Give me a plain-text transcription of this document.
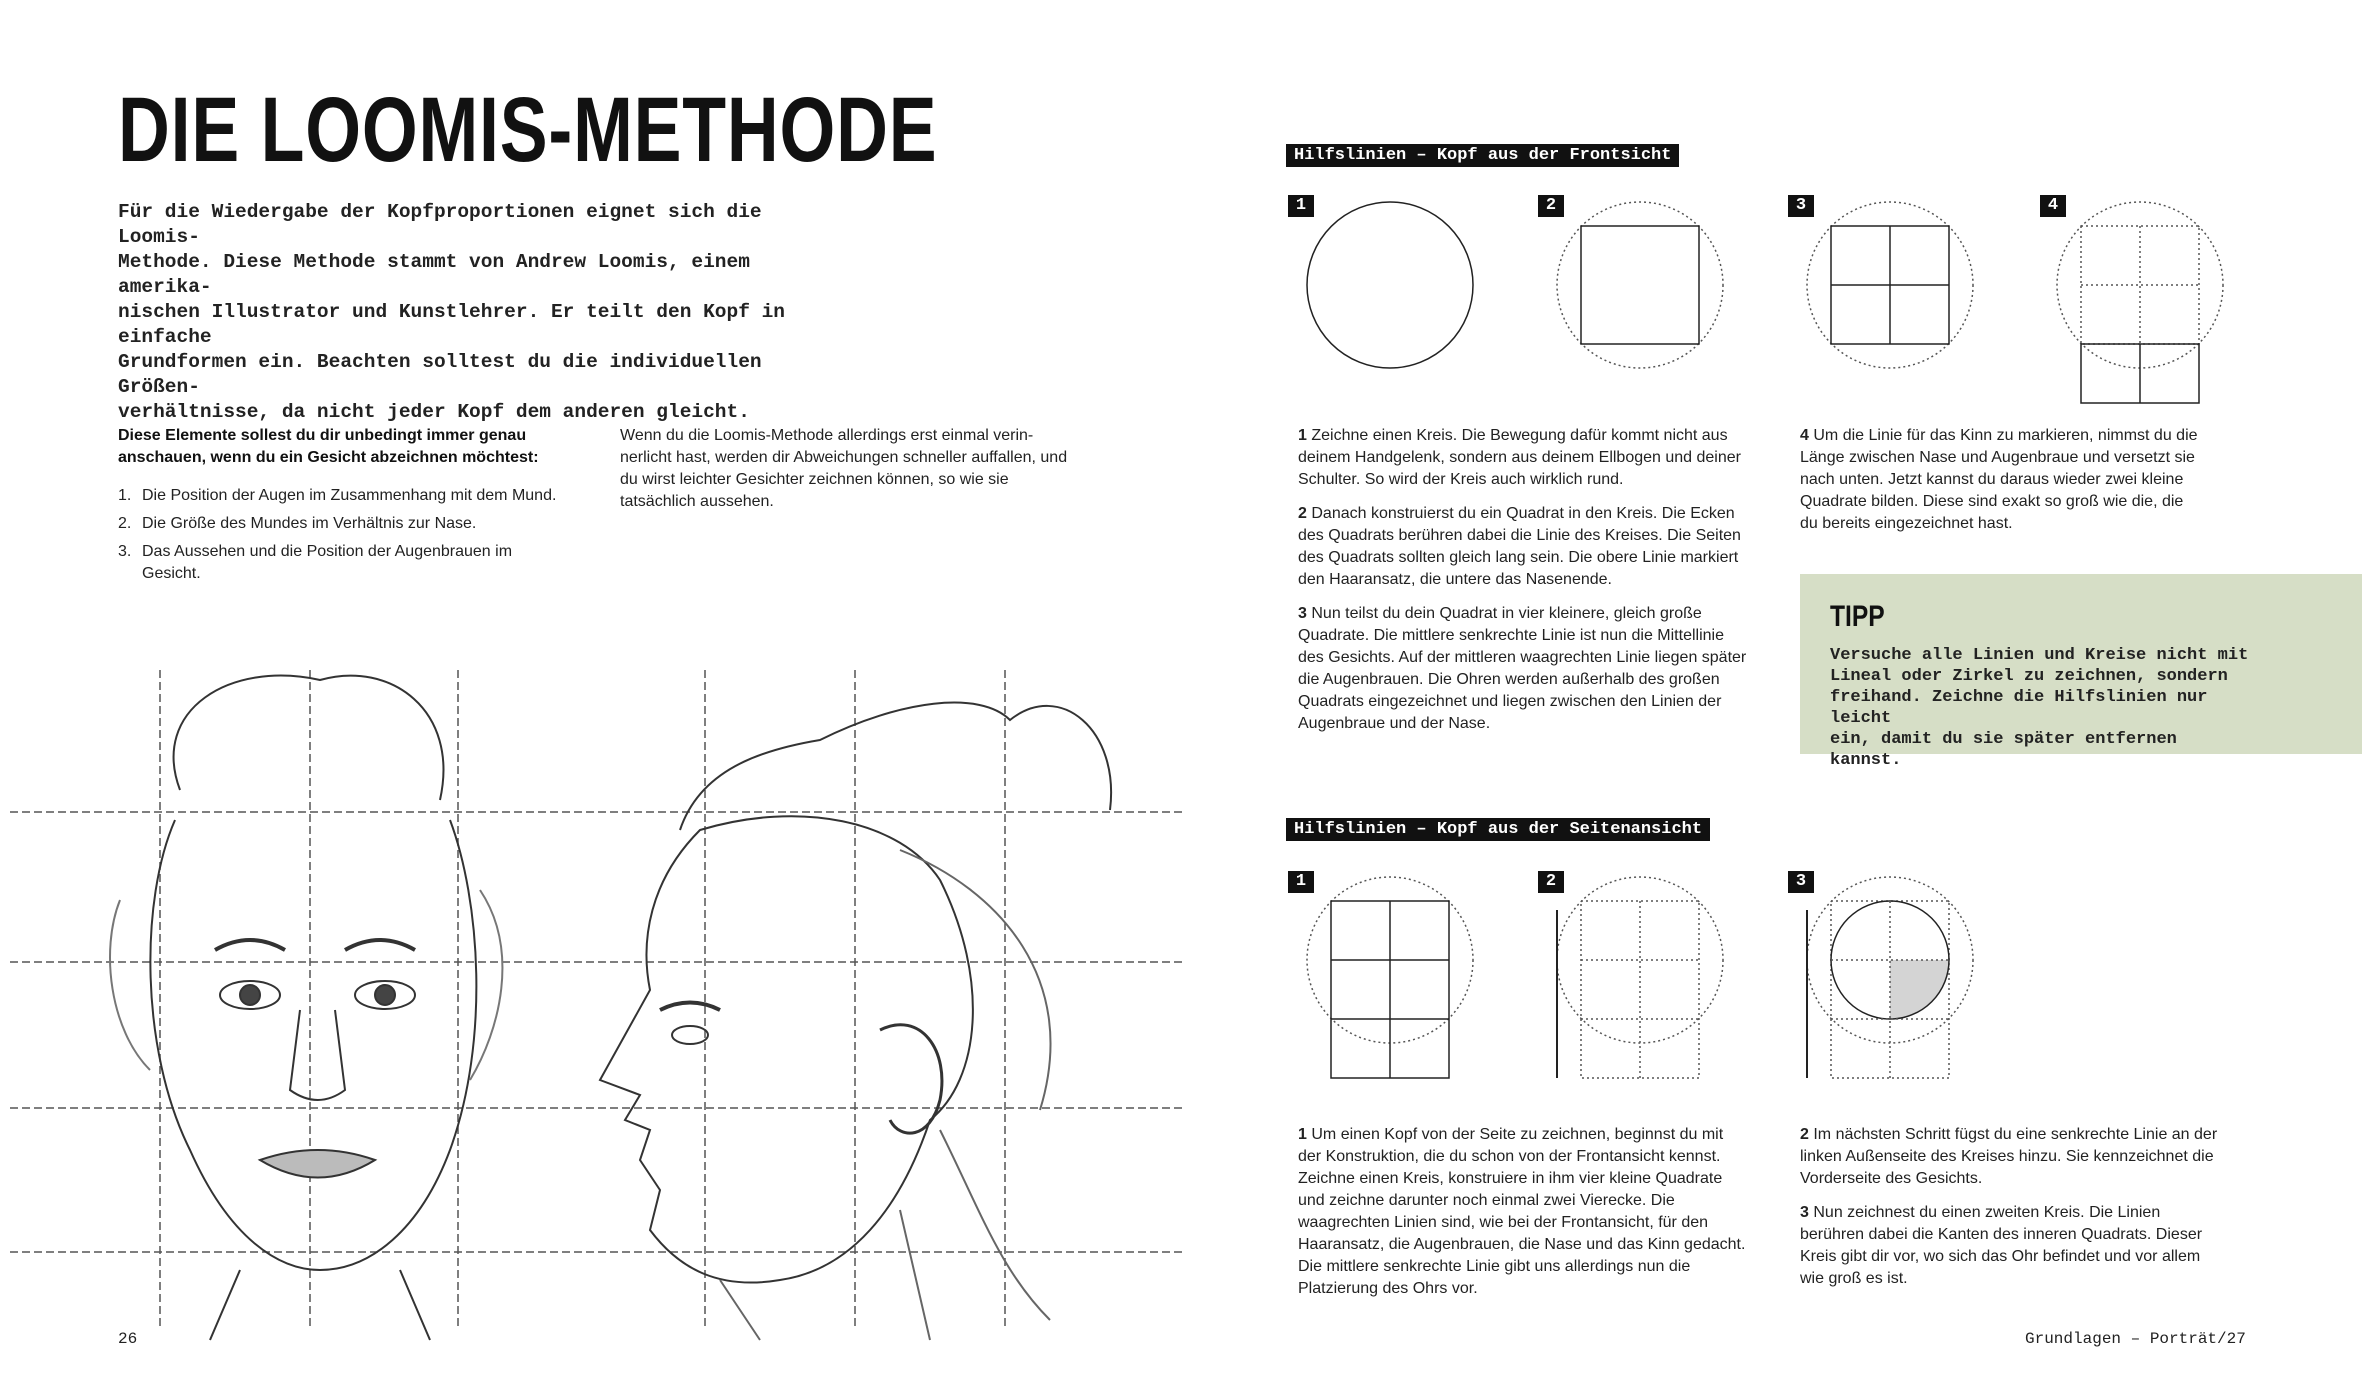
DIE LOOMIS-METHODE
Für die Wiedergabe der Kopfproportionen eignet sich die Loomis-
Methode. Diese Methode stammt von Andrew Loomis, einem amerika-
nischen Illustrator und Kunstlehrer. Er teilt den Kopf in einfache
Grundformen ein. Beachten solltest du die individuellen Größen-
verhältnisse, da nicht jeder Kopf dem anderen gleicht.
Diese Elemente sollest du dir unbedingt immer genau anschauen, wenn du ein Gesicht abzeichnen möchtest:
1. Die Position der Augen im Zusammenhang mit dem Mund.
2. Die Größe des Mundes im Verhältnis zur Nase.
3. Das Aussehen und die Position der Augenbrauen im Gesicht.
Wenn du die Loomis-Methode allerdings erst einmal verinnerlicht hast, werden dir Abweichungen schneller auffallen, und du wirst leichter Gesichter zeichnen können, so wie sie tatsächlich aussehen.
26
Hilfslinien – Kopf aus der Frontsicht
1	2	3	4

1 Zeichne einen Kreis. Die Bewegung dafür kommt nicht aus deinem Handgelenk, sondern aus deinem Ellbogen und deiner Schulter. So wird der Kreis auch wirklich rund.

2 Danach konstruierst du ein Quadrat in den Kreis. Die Ecken des Quadrats berühren dabei die Linie des Kreises. Die Seiten des Quadrats sollten gleich lang sein. Die obere Linie markiert den Haaransatz, die untere das Nasenende.

3 Nun teilst du dein Quadrat in vier kleinere, gleich große Quadrate. Die mittlere senkrechte Linie ist nun die Mittellinie des Gesichts. Auf der mittleren waagrechten Linie liegen später die Augenbrauen. Die Ohren werden außerhalb des großen Quadrats eingezeichnet und liegen zwischen den Linien der Augenbraue und der Nase.

4 Um die Linie für das Kinn zu markieren, nimmst du die Länge zwischen Nase und Augenbraue und versetzt sie nach unten. Jetzt kannst du daraus wieder zwei kleine Quadrate bilden. Diese sind exakt so groß wie die, die du bereits eingezeichnet hast.

TIPP
Versuche alle Linien und Kreise nicht mit
Lineal oder Zirkel zu zeichnen, sondern
freihand. Zeichne die Hilfslinien nur leicht
ein, damit du sie später entfernen kannst.
Hilfslinien – Kopf aus der Seitenansicht
1	2	3

1 Um einen Kopf von der Seite zu zeichnen, beginnst du mit der Konstruktion, die du schon von der Frontansicht kennst. Zeichne einen Kreis, konstruiere in ihm vier kleine Quadrate und zeichne darunter noch einmal zwei Vierecke. Die waagrechten Linien sind, wie bei der Frontansicht, für den Haaransatz, die Augenbrauen, die Nase und das Kinn gedacht. Die mittlere senkrechte Linie gibt uns allerdings nun die Platzierung des Ohrs vor.

2 Im nächsten Schritt fügst du eine senkrechte Linie an der linken Außenseite des Kreises hinzu. Sie kennzeichnet die Vorderseite des Gesichts.

3 Nun zeichnest du einen zweiten Kreis. Die Linien berühren dabei die Kanten des inneren Quadrats. Dieser Kreis gibt dir vor, wo sich das Ohr befindet und vor allem wie groß es ist.

Grundlagen – Porträt/27
